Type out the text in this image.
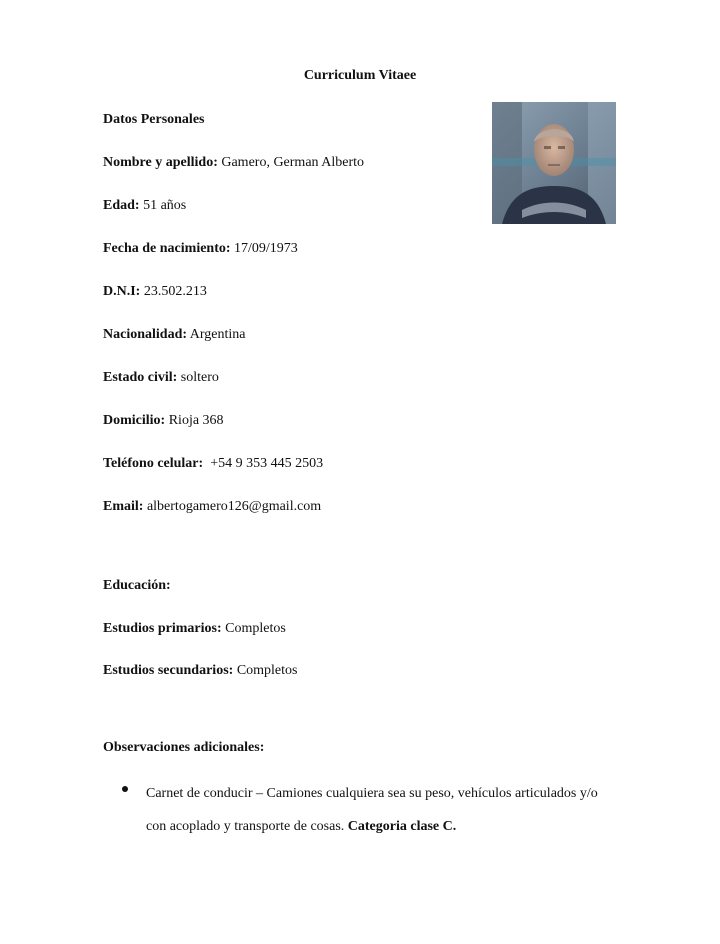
Curriculum Vitaee
Datos Personales
Nombre y apellido: Gamero, German Alberto
Edad: 51 años
Fecha de nacimiento: 17/09/1973
D.N.I: 23.502.213
Nacionalidad: Argentina
Estado civil: soltero
Domicilio: Rioja 368
Teléfono celular: +54 9 353 445 2503
Email: albertogamero126@gmail.com
Educación:
Estudios primarios: Completos
Estudios secundarios: Completos
Observaciones adicionales:
Carnet de conducir – Camiones cualquiera sea su peso, vehículos articulados y/o
con acoplado y transporte de cosas. Categoria clase C.
